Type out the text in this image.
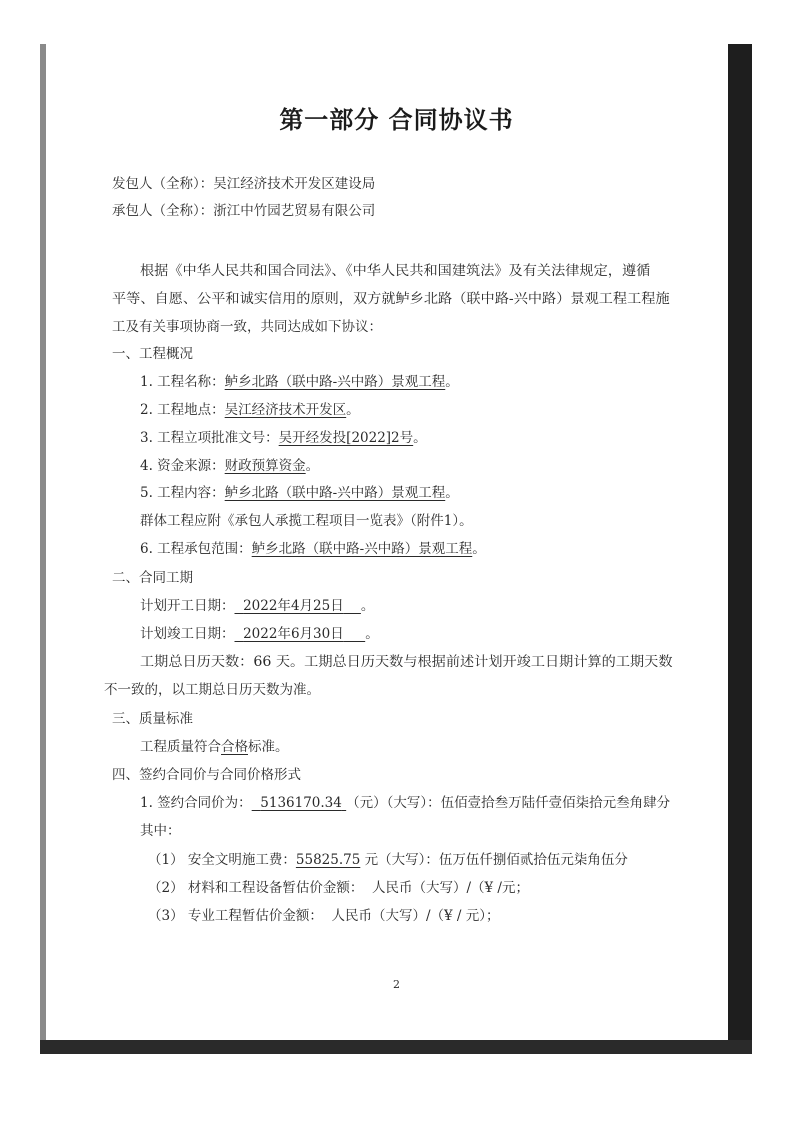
第一部分 合同协议书
发包人（全称）：吴江经济技术开发区建设局
承包人（全称）：浙江中竹园艺贸易有限公司
根据《中华人民共和国合同法》、《中华人民共和国建筑法》及有关法律规定，遵循
平等、自愿、公平和诚实信用的原则，双方就鲈乡北路（联中路-兴中路）景观工程工程施
工及有关事项协商一致，共同达成如下协议：
一、工程概况
1. 工程名称：鲈乡北路（联中路-兴中路）景观工程。
2. 工程地点：吴江经济技术开发区。
3. 工程立项批准文号：吴开经发投[2022]2号。
4. 资金来源：财政预算资金。
5. 工程内容：鲈乡北路（联中路-兴中路）景观工程。
群体工程应附《承包人承揽工程项目一览表》（附件1）。
6. 工程承包范围：鲈乡北路（联中路-兴中路）景观工程。
二、合同工期
计划开工日期： 2022年4月25日 。
计划竣工日期： 2022年6月30日 。
工期总日历天数：66 天。工期总日历天数与根据前述计划开竣工日期计算的工期天数
不一致的，以工期总日历天数为准。
三、质量标准
工程质量符合合格标准。
四、签约合同价与合同价格形式
1. 签约合同价为： 5136170.34 （元）（大写）：伍佰壹拾叁万陆仟壹佰柒拾元叁角肆分
其中：
（1） 安全文明施工费：55825.75 元（大写）：伍万伍仟捌佰贰拾伍元柒角伍分
（2） 材料和工程设备暂估价金额： 人民币（大写）/（¥ /元；
（3） 专业工程暂估价金额： 人民币（大写）/（¥ / 元）；
2
